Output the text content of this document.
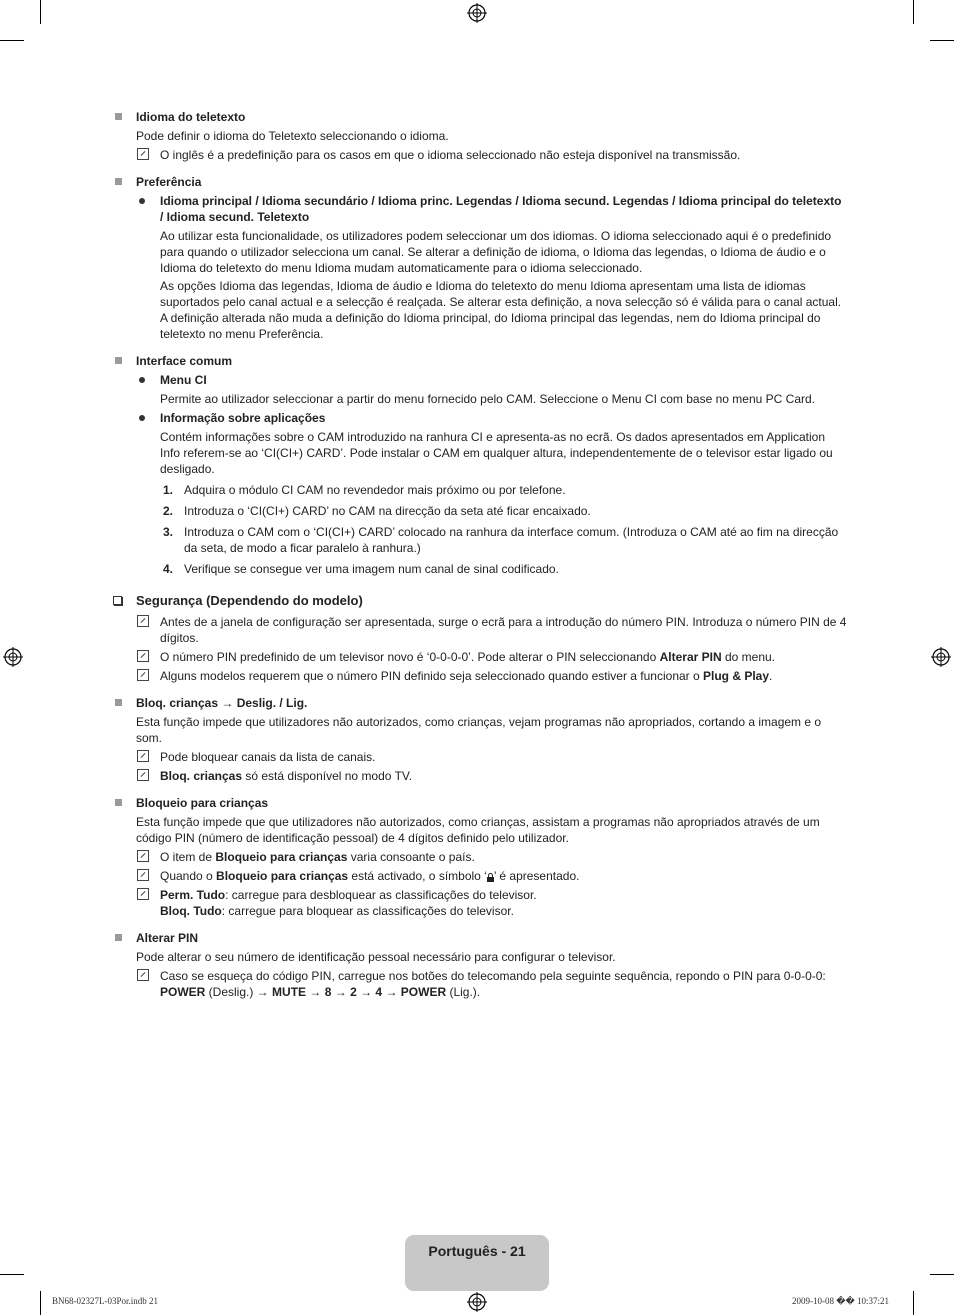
Idioma do teletexto
Pode definir o idioma do Teletexto seleccionando o idioma.
O inglês é a predefinição para os casos em que o idioma seleccionado não esteja disponível na transmissão.
Preferência
Idioma principal / Idioma secundário / Idioma princ. Legendas / Idioma secund. Legendas / Idioma principal do teletexto / Idioma secund. Teletexto
Ao utilizar esta funcionalidade, os utilizadores podem seleccionar um dos idiomas. O idioma seleccionado aqui é o predefinido para quando o utilizador selecciona um canal. Se alterar a definição de idioma, o Idioma das legendas, o Idioma de áudio e o Idioma do teletexto do menu Idioma mudam automaticamente para o idioma seleccionado.
As opções Idioma das legendas, Idioma de áudio e Idioma do teletexto do menu Idioma apresentam uma lista de idiomas suportados pelo canal actual e a selecção é realçada. Se alterar esta definição, a nova selecção só é válida para o canal actual. A definição alterada não muda a definição do Idioma principal, do Idioma principal das legendas, nem do Idioma principal do teletexto no menu Preferência.
Interface comum
Menu CI
Permite ao utilizador seleccionar a partir do menu fornecido pelo CAM. Seleccione o Menu CI com base no menu PC Card.
Informação sobre aplicações
Contém informações sobre o CAM introduzido na ranhura CI e apresenta-as no ecrã. Os dados apresentados em Application Info referem-se ao ‘CI(CI+) CARD’. Pode instalar o CAM em qualquer altura, independentemente de o televisor estar ligado ou desligado.
1. Adquira o módulo CI CAM no revendedor mais próximo ou por telefone.
2. Introduza o ‘CI(CI+) CARD’ no CAM na direcção da seta até ficar encaixado.
3. Introduza o CAM com o ‘CI(CI+) CARD’ colocado na ranhura da interface comum. (Introduza o CAM até ao fim na direcção da seta, de modo a ficar paralelo à ranhura.)
4. Verifique se consegue ver uma imagem num canal de sinal codificado.
Segurança (Dependendo do modelo)
Antes de a janela de configuração ser apresentada, surge o ecrã para a introdução do número PIN. Introduza o número PIN de 4 dígitos.
O número PIN predefinido de um televisor novo é ‘0-0-0-0’. Pode alterar o PIN seleccionando Alterar PIN do menu.
Alguns modelos requerem que o número PIN definido seja seleccionado quando estiver a funcionar o Plug & Play.
Bloq. crianças → Deslig. / Lig.
Esta função impede que utilizadores não autorizados, como crianças, vejam programas não apropriados, cortando a imagem e o som.
Pode bloquear canais da lista de canais.
Bloq. crianças só está disponível no modo TV.
Bloqueio para crianças
Esta função impede que que utilizadores não autorizados, como crianças, assistam a programas não apropriados através de um código PIN (número de identificação pessoal) de 4 dígitos definido pelo utilizador.
O item de Bloqueio para crianças varia consoante o país.
Quando o Bloqueio para crianças está activado, o símbolo ‘ ’ é apresentado.
Perm. Tudo: carregue para desbloquear as classificações do televisor.
Bloq. Tudo: carregue para bloquear as classificações do televisor.
Alterar PIN
Pode alterar o seu número de identificação pessoal necessário para configurar o televisor.
Caso se esqueça do código PIN, carregue nos botões do telecomando pela seguinte sequência, repondo o PIN para 0-0-0-0: POWER (Deslig.) → MUTE → 8 → 2 → 4 → POWER (Lig.).
Português - 21
BN68-02327L-03Por.indb 21	2009-10-08 �� 10:37:21
